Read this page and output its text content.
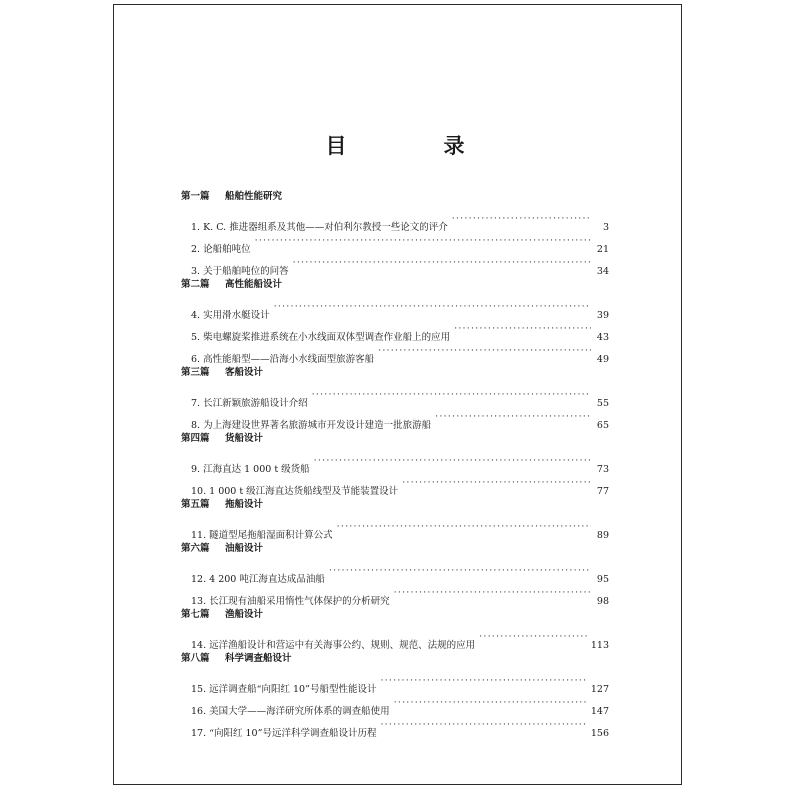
目　录
第一篇 船舶性能研究
1. K. C. 推进器组系及其他——对伯利尔教授一些论文的评介 ·····	3
2. 论船舶吨位 ·····	21
3. 关于船舶吨位的问答 ·····	34
第二篇 高性能船设计
4. 实用滑水艇设计 ·····	39
5. 柴电螺旋桨推进系统在小水线面双体型调查作业船上的应用 ·····	43
6. 高性能船型——沿海小水线面型旅游客船 ·····	49
第三篇 客船设计
7. 长江新颖旅游船设计介绍 ·····	55
8. 为上海建设世界著名旅游城市开发设计建造一批旅游船 ·····	65
第四篇 货船设计
9. 江海直达 1 000 t 级货船 ·····	73
10. 1 000 t 级江海直达货船线型及节能装置设计 ·····	77
第五篇 拖船设计
11. 隧道型尾拖船湿面积计算公式 ·····	89
第六篇 油船设计
12. 4 200 吨江海直达成品油船 ·····	95
13. 长江现有油船采用惰性气体保护的分析研究 ·····	98
第七篇 渔船设计
14. 远洋渔船设计和营运中有关海事公约、规则、规范、法规的应用 ·····	113
第八篇 科学调查船设计
15. 远洋调查船“向阳红 10”号船型性能设计 ·····	127
16. 美国大学——海洋研究所体系的调查船使用 ·····	147
17. “向阳红 10”号远洋科学调查船设计历程 ·····	156
